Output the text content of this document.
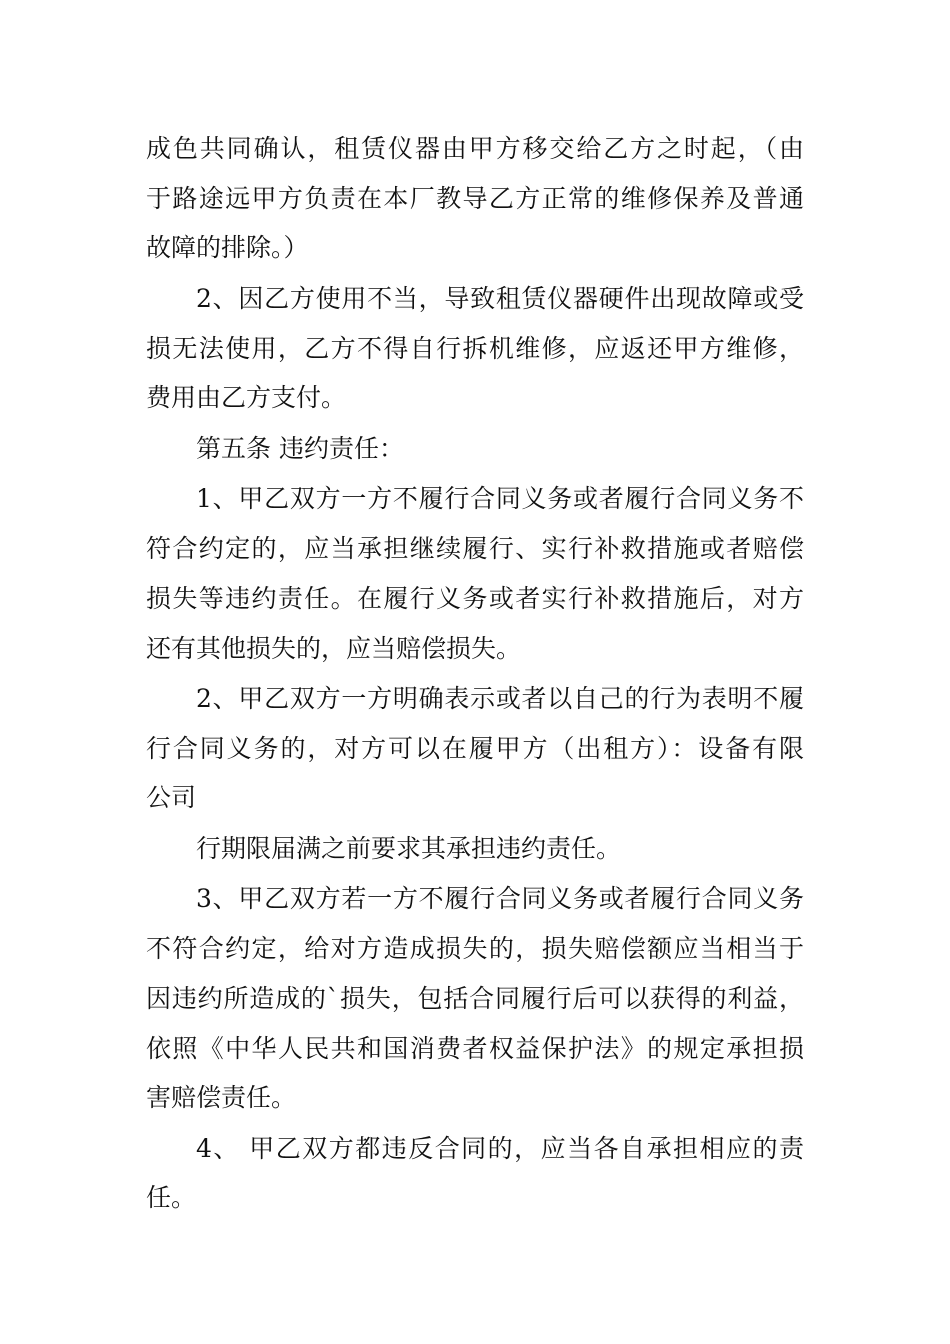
成色共同确认，租赁仪器由甲方移交给乙方之时起，（由
于路途远甲方负责在本厂教导乙方正常的维修保养及普通
故障的排除。）
2、因乙方使用不当，导致租赁仪器硬件出现故障或受
损无法使用，乙方不得自行拆机维修，应返还甲方维修，
费用由乙方支付。
第五条 违约责任：
1、甲乙双方一方不履行合同义务或者履行合同义务不
符合约定的，应当承担继续履行、实行补救措施或者赔偿
损失等违约责任。在履行义务或者实行补救措施后，对方
还有其他损失的，应当赔偿损失。
2、甲乙双方一方明确表示或者以自己的行为表明不履
行合同义务的，对方可以在履甲方（出租方）：设备有限
公司
行期限届满之前要求其承担违约责任。
3、甲乙双方若一方不履行合同义务或者履行合同义务
不符合约定，给对方造成损失的，损失赔偿额应当相当于
因违约所造成的`损失，包括合同履行后可以获得的利益，
依照《中华人民共和国消费者权益保护法》的规定承担损
害赔偿责任。
4、 甲乙双方都违反合同的，应当各自承担相应的责
任。
